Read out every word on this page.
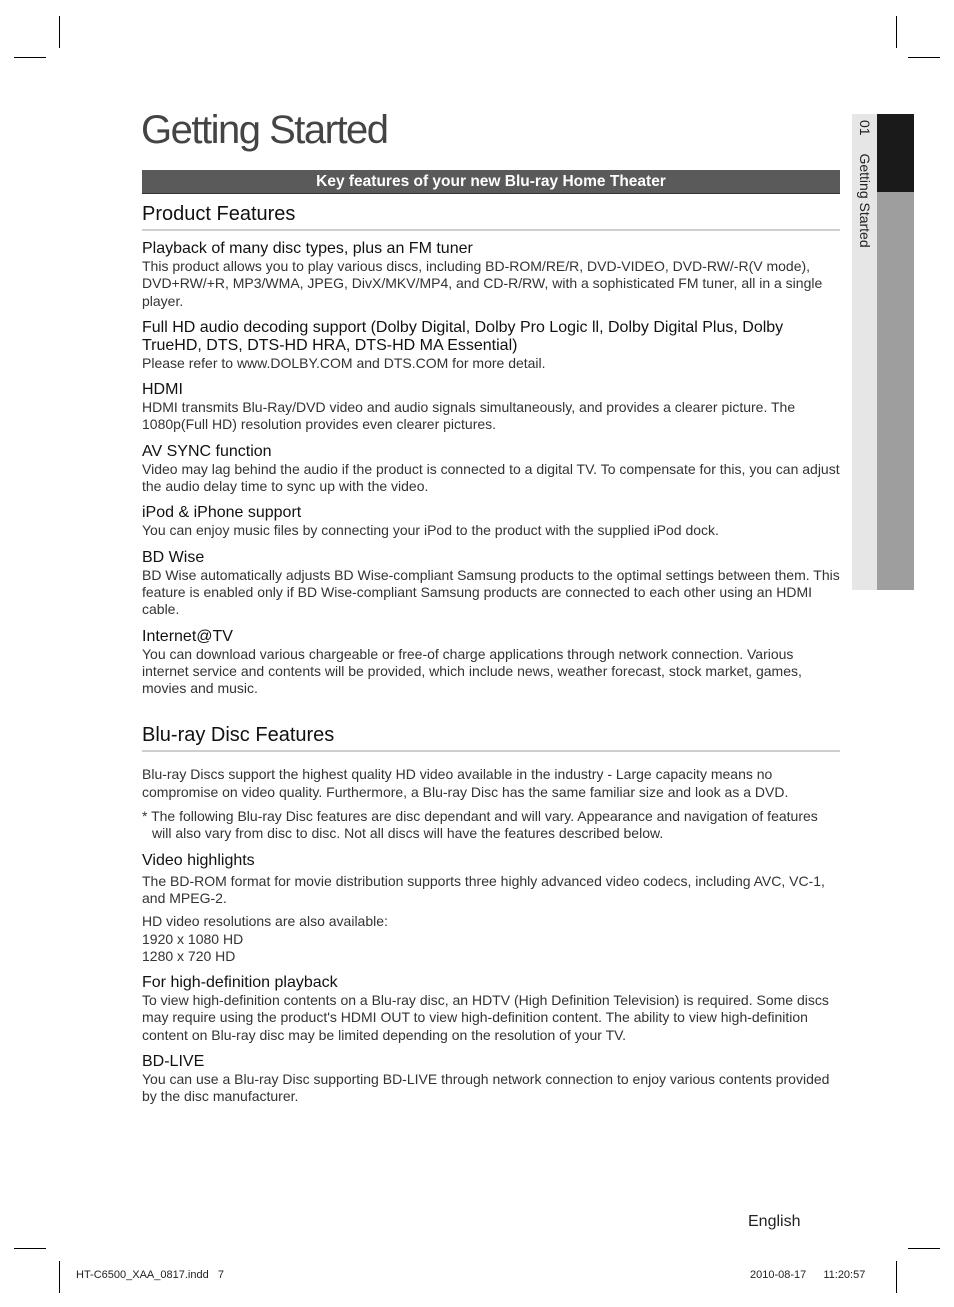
01 Getting Started
Getting Started
Key features of your new Blu-ray Home Theater
Product Features
Playback of many disc types, plus an FM tuner

This product allows you to play various discs, including BD-ROM/RE/R, DVD-VIDEO, DVD-RW/-R(V mode), DVD+RW/+R, MP3/WMA, JPEG, DivX/MKV/MP4, and CD-R/RW, with a sophisticated FM tuner, all in a single player.

Full HD audio decoding support (Dolby Digital, Dolby Pro Logic ll, Dolby Digital Plus, Dolby TrueHD, DTS, DTS-HD HRA, DTS-HD MA Essential)

Please refer to www.DOLBY.COM and DTS.COM for more detail.

HDMI

HDMI transmits Blu-Ray/DVD video and audio signals simultaneously, and provides a clearer picture. The 1080p(Full HD) resolution provides even clearer pictures.

AV SYNC function

Video may lag behind the audio if the product is connected to a digital TV. To compensate for this, you can adjust the audio delay time to sync up with the video.

iPod & iPhone support

You can enjoy music files by connecting your iPod to the product with the supplied iPod dock.

BD Wise

BD Wise automatically adjusts BD Wise-compliant Samsung products to the optimal settings between them. This feature is enabled only if BD Wise-compliant Samsung products are connected to each other using an HDMI cable.

Internet@TV

You can download various chargeable or free-of charge applications through network connection. Various internet service and contents will be provided, which include news, weather forecast, stock market, games, movies and music.

Blu-ray Disc Features

Blu-ray Discs support the highest quality HD video available in the industry - Large capacity means no compromise on video quality. Furthermore, a Blu-ray Disc has the same familiar size and look as a DVD.

* The following Blu-ray Disc features are disc dependant and will vary. Appearance and navigation of features will also vary from disc to disc. Not all discs will have the features described below.

Video highlights

The BD-ROM format for movie distribution supports three highly advanced video codecs, including AVC, VC-1, and MPEG-2.

HD video resolutions are also available:
1920 x 1080 HD
1280 x 720 HD
For high-definition playback

To view high-definition contents on a Blu-ray disc, an HDTV (High Definition Television) is required. Some discs may require using the product's HDMI OUT to view high-definition content. The ability to view high-definition content on Blu-ray disc may be limited depending on the resolution of your TV.

BD-LIVE

You can use a Blu-ray Disc supporting BD-LIVE through network connection to enjoy various contents provided by the disc manufacturer.

English
HT-C6500_XAA_0817.indd   7	2010-08-17 11:20:57
